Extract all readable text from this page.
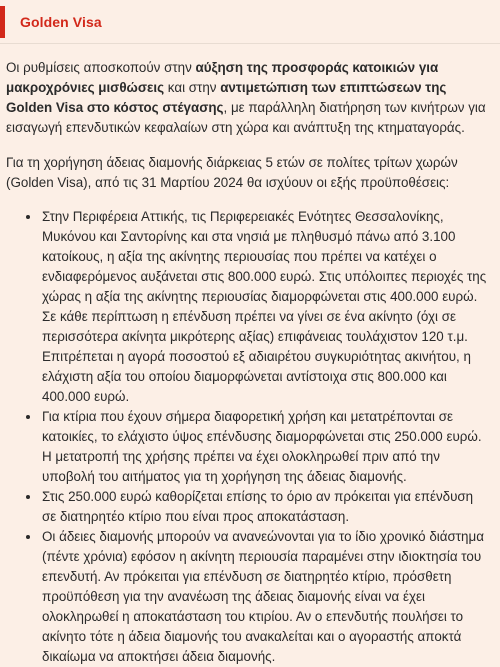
Golden Visa

Οι ρυθμίσεις αποσκοπούν στην αύξηση της προσφοράς κατοικιών για μακροχρόνιες μισθώσεις και στην αντιμετώπιση των επιπτώσεων της Golden Visa στο κόστος στέγασης, με παράλληλη διατήρηση των κινήτρων για εισαγωγή επενδυτικών κεφαλαίων στη χώρα και ανάπτυξη της κτηματαγοράς.

Για τη χορήγηση άδειας διαμονής διάρκειας 5 ετών σε πολίτες τρίτων χωρών (Golden Visa), από τις 31 Μαρτίου 2024 θα ισχύουν οι εξής προϋποθέσεις:

Στην Περιφέρεια Αττικής, τις Περιφερειακές Ενότητες Θεσσαλονίκης, Μυκόνου και Σαντορίνης και στα νησιά με πληθυσμό πάνω από 3.100 κατοίκους, η αξία της ακίνητης περιουσίας που πρέπει να κατέχει ο ενδιαφερόμενος αυξάνεται στις 800.000 ευρώ. Στις υπόλοιπες περιοχές της χώρας η αξία της ακίνητης περιουσίας διαμορφώνεται στις 400.000 ευρώ. Σε κάθε περίπτωση η επένδυση πρέπει να γίνει σε ένα ακίνητο (όχι σε περισσότερα ακίνητα μικρότερης αξίας) επιφάνειας τουλάχιστον 120 τ.μ. Επιτρέπεται η αγορά ποσοστού εξ αδιαιρέτου συγκυριότητας ακινήτου, η ελάχιστη αξία του οποίου διαμορφώνεται αντίστοιχα στις 800.000 και 400.000 ευρώ.
Για κτίρια που έχουν σήμερα διαφορετική χρήση και μετατρέπονται σε κατοικίες, το ελάχιστο ύψος επένδυσης διαμορφώνεται στις 250.000 ευρώ. Η μετατροπή της χρήσης πρέπει να έχει ολοκληρωθεί πριν από την υποβολή του αιτήματος για τη χορήγηση της άδειας διαμονής.
Στις 250.000 ευρώ καθορίζεται επίσης το όριο αν πρόκειται για επένδυση σε διατηρητέο κτίριο που είναι προς αποκατάσταση.
Οι άδειες διαμονής μπορούν να ανανεώνονται για το ίδιο χρονικό διάστημα (πέντε χρόνια) εφόσον η ακίνητη περιουσία παραμένει στην ιδιοκτησία του επενδυτή. Αν πρόκειται για επένδυση σε διατηρητέο κτίριο, πρόσθετη προϋπόθεση για την ανανέωση της άδειας διαμονής είναι να έχει ολοκληρωθεί η αποκατάσταση του κτιρίου. Αν ο επενδυτής πουλήσει το ακίνητο τότε η άδεια διαμονής του ανακαλείται και ο αγοραστής αποκτά δικαίωμα να αποκτήσει άδεια διαμονής.
